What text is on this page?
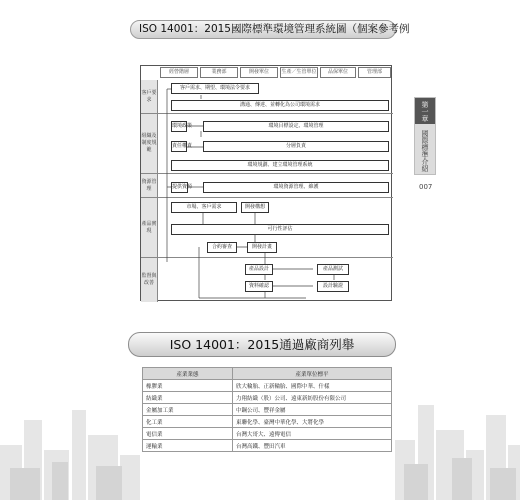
ISO 14001：2015國際標準環境管理系統圖（個案參考例
第一章
國際標準介紹
007
經營階層	業務部	開發單位	生產／生管單位	品保單位	管理部
客戶要求
組織及制度規範
資源管理
產品實現
監督與改善
客戶需求、期望、環境法令要求
溝通、傳達、並轉化為公司環境需求
環境政策	環境目標設定、環境管理
責任權責	分層負責
環境規劃、建立環境管理系統
提供資源	環境資源管理、維護
市場、客戶需求	開發構想
可行性評估
合約審查	開發計畫
產品設計	產品測試
資料確認	設計驗證
ISO 14001：2015通過廠商列舉
產業業態	產業單位標平
橡膠業	欣大輪胎、正新輪胎、國際中華、什樣
紡織業	力翔紡織（股）公司、遠東新紡股份有限公司
金屬加工業	中鋼公司、豐祥金屬
化工業	東聯化學、臺灣中華化學、大將化學
電信業	台灣大哥大、遠傳電信
運輸業	台灣高鐵、豐田汽車
